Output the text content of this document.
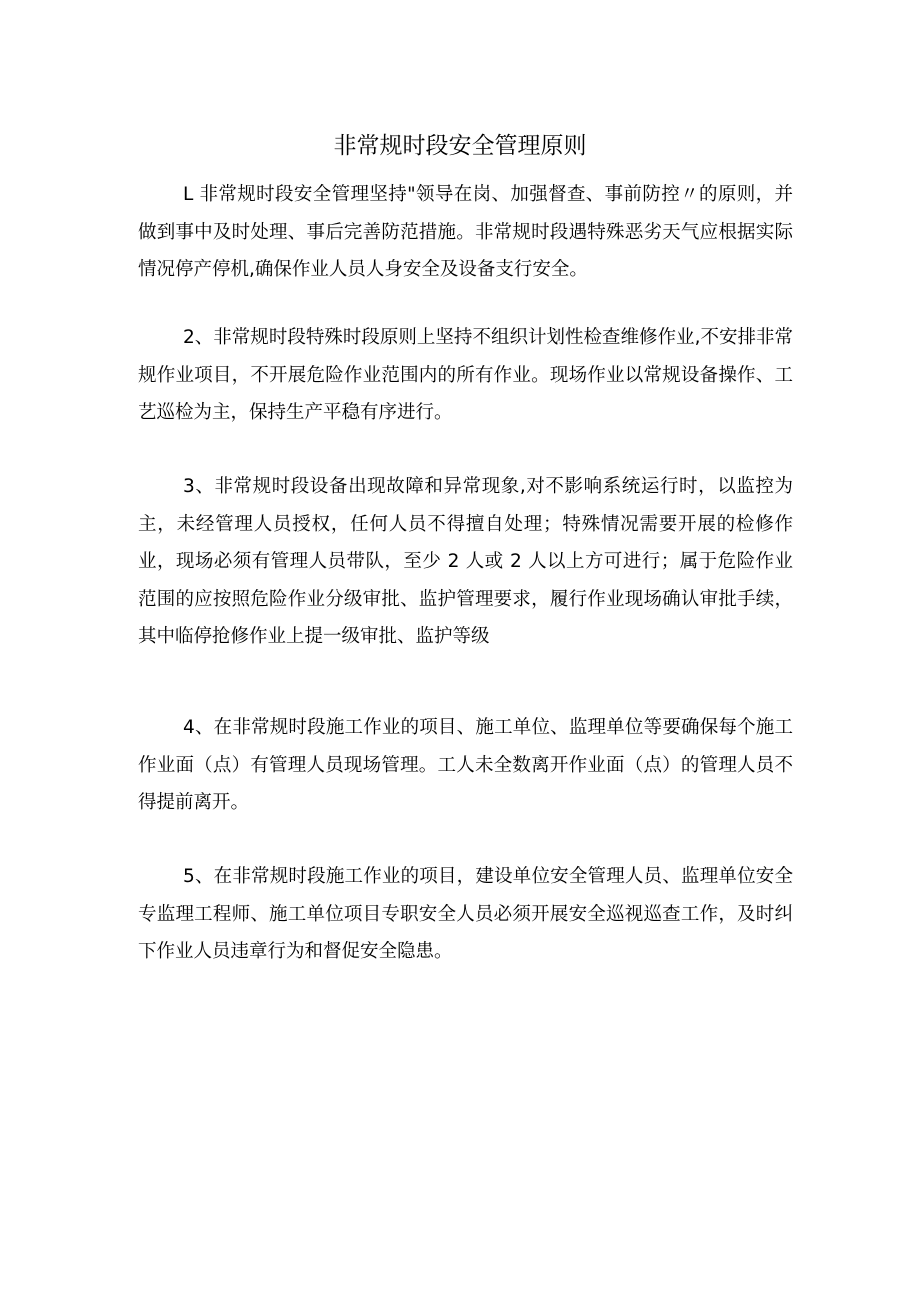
非常规时段安全管理原则

L 非常规时段安全管理坚持"领导在岗、加强督查、事前防控〃的原则，并做到事中及时处理、事后完善防范措施。非常规时段遇特殊恶劣天气应根据实际情况停产停机,确保作业人员人身安全及设备支行安全。

2、非常规时段特殊时段原则上坚持不组织计划性检查维修作业,不安排非常规作业项目，不开展危险作业范围内的所有作业。现场作业以常规设备操作、工艺巡检为主，保持生产平稳有序进行。

3、非常规时段设备出现故障和异常现象,对不影响系统运行时，以监控为主，未经管理人员授权，任何人员不得擅自处理；特殊情况需要开展的检修作业，现场必须有管理人员带队，至少 2 人或 2 人以上方可进行；属于危险作业范围的应按照危险作业分级审批、监护管理要求，履行作业现场确认审批手续，其中临停抢修作业上提一级审批、监护等级

4、在非常规时段施工作业的项目、施工单位、监理单位等要确保每个施工作业面（点）有管理人员现场管理。工人未全数离开作业面（点）的管理人员不得提前离开。

5、在非常规时段施工作业的项目，建设单位安全管理人员、监理单位安全专监理工程师、施工单位项目专职安全人员必须开展安全巡视巡查工作，及时纠下作业人员违章行为和督促安全隐患。
